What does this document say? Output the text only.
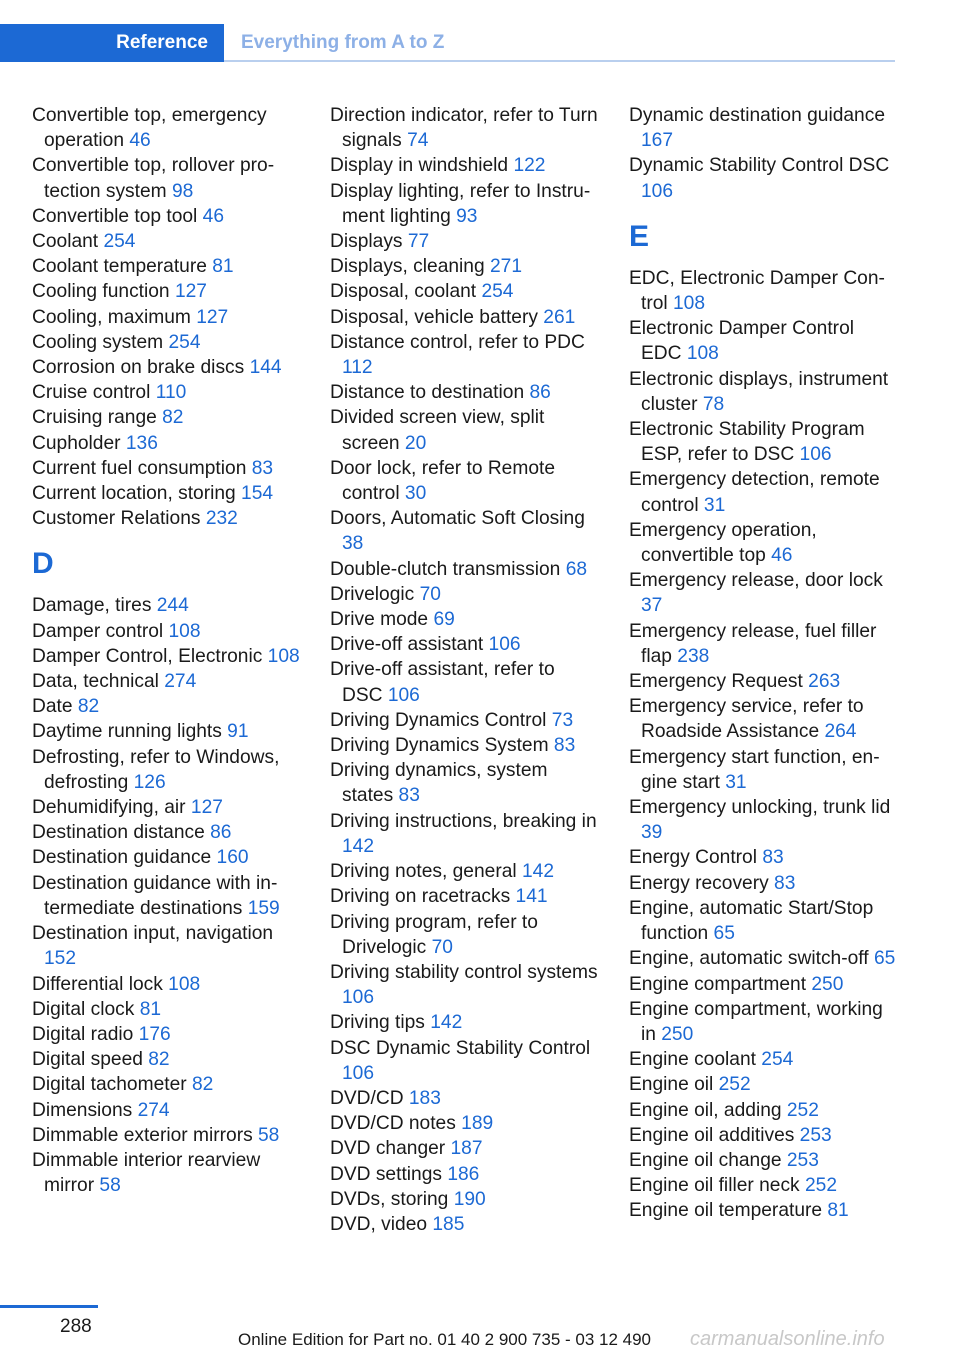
Reference Everything from A to Z
Convertible top, emergency operation 46
Convertible top, rollover protection system 98
Convertible top tool 46
Coolant 254
Coolant temperature 81
Cooling function 127
Cooling, maximum 127
Cooling system 254
Corrosion on brake discs 144
Cruise control 110
Cruising range 82
Cupholder 136
Current fuel consumption 83
Current location, storing 154
Customer Relations 232
D
Damage, tires 244
Damper control 108
Damper Control, Electronic 108
Data, technical 274
Date 82
Daytime running lights 91
Defrosting, refer to Windows, defrosting 126
Dehumidifying, air 127
Destination distance 86
Destination guidance 160
Destination guidance with intermediate destinations 159
Destination input, navigation 152
Differential lock 108
Digital clock 81
Digital radio 176
Digital speed 82
Digital tachometer 82
Dimensions 274
Dimmable exterior mirrors 58
Dimmable interior rearview mirror 58
Direction indicator, refer to Turn signals 74
Display in windshield 122
Display lighting, refer to Instrument lighting 93
Displays 77
Displays, cleaning 271
Disposal, coolant 254
Disposal, vehicle battery 261
Distance control, refer to PDC 112
Distance to destination 86
Divided screen view, split screen 20
Door lock, refer to Remote control 30
Doors, Automatic Soft Closing 38
Double-clutch transmission 68
Drivelogic 70
Drive mode 69
Drive-off assistant 106
Drive-off assistant, refer to DSC 106
Driving Dynamics Control 73
Driving Dynamics System 83
Driving dynamics, system states 83
Driving instructions, breaking in 142
Driving notes, general 142
Driving on racetracks 141
Driving program, refer to Drivelogic 70
Driving stability control systems 106
Driving tips 142
DSC Dynamic Stability Control 106
DVD/CD 183
DVD/CD notes 189
DVD changer 187
DVD settings 186
DVDs, storing 190
DVD, video 185
Dynamic destination guidance 167
Dynamic Stability Control DSC 106
E
EDC, Electronic Damper Control 108
Electronic Damper Control EDC 108
Electronic displays, instrument cluster 78
Electronic Stability Program ESP, refer to DSC 106
Emergency detection, remote control 31
Emergency operation, convertible top 46
Emergency release, door lock 37
Emergency release, fuel filler flap 238
Emergency Request 263
Emergency service, refer to Roadside Assistance 264
Emergency start function, engine start 31
Emergency unlocking, trunk lid 39
Energy Control 83
Energy recovery 83
Engine, automatic Start/Stop function 65
Engine, automatic switch-off 65
Engine compartment 250
Engine compartment, working in 250
Engine coolant 254
Engine oil 252
Engine oil, adding 252
Engine oil additives 253
Engine oil change 253
Engine oil filler neck 252
Engine oil temperature 81
288
Online Edition for Part no. 01 40 2 900 735 - 03 12 490 carmanualsonline.info
